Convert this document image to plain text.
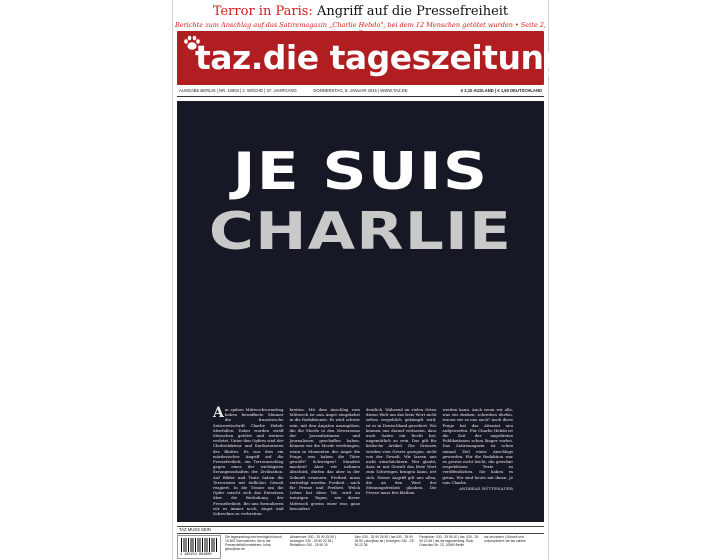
Terror in Paris: Angriff auf die Pressefreiheit
Berichte zum Anschlag auf das Satiremagazin „Charlie Hebdo", bei dem 12 Menschen getötet wurden • Seite 2,
taz.die tageszeitung
AUSGABE BERLIN | NR. 10604 | 2. WOCHE | 37. JAHRGANG	DONNERSTAG, 8. JANUAR 2015 | WWW.TAZ.DE	€ 2,10 AUSLAND | € 1,60 DEUTSCHLAND
JE SUIS
CHARLIE
Am späten Mittwochvormittag haben bewaffnete Männer die französische Satirezeitschrift Charlie Hebdo überfallen. Dabei wurden zwölf Menschen getötet und weitere verletzt. Unter den Opfern sind der Chefredakteur und Karikaturisten des Blattes. Es war dies ein mörderischer Angriff auf die Pressefreiheit, ein Terroranschlag gegen eines der wichtigsten Errungenschaften der Zivilisation. Auf Bilder und Texte haben die Terroristen mit tödlicher Gewalt reagiert. In die Trauer um die Opfer mischt sich das Entsetzen über die Bedrohung der Pressefreiheit. Bei uns formulieren wir es immer noch, Angst und Schrecken zu verbreiten.
breiten. Mit dem Anschlag vom Mittwoch ist nun Angst eingekehrt in die Redaktionen. Es wird schwer sein, mit den Ängsten umzugehen, die die Morde in den Newsrooms der Journalistinnen und Journalisten geschaffen haben. Können wir die Morde verdrängen, wenn in Momenten der Angst die Frage, was haben die Täter gewollt? Schweigen? Mundtot machen? Aber wir nehmen Abschied, dürfen das aber in der Zukunft erneuern. Freiheit muss verteidigt werden. Freiheit – auch für Presse und Freiheit. Welch Leben hat diese Tat, wird an traurigen Tagen, wie dieser Mittwoch gewiss einer war, ganz besonders
deutlich. Während an vielen Orten dieser Welt um das freie Wort nicht selten vergeblich gekämpft wird, ist es in Deutschland gesichert. Wir können uns darauf verlassen, dass auch Satire ein Recht hat, ungemütlich zu sein. Das gilt für kritische Artikel. Die Grenzen werden vom Gesetz gezogen, nicht von der Gewalt. Wir lassen uns nicht einschüchtern. Wer glaubt, dass er mit Gewalt das freie Wort zum Schweigen bringen kann, irrt sich. Dieser Angriff gilt uns allen, die an den Wert der Meinungsfreiheit glauben. Die Presse muss frei bleiben.
werden kann. Auch wenn wir alle, was wir denken, schreiben dürfen, trauen wir es uns auch? Auch diese Frage hat das Attentat neu aufgeworfen. Für Charlie Hebdo ist die Zeit der angstfreien Publikationen schon länger vorbei. Das Satiremagazin ist schon einmal Ziel eines Anschlags geworden. Für die Redaktion war es gewiss nicht leicht, die gewohnt respektlosen Texte zu veröffentlichen. Sie haben es getan. Wir sind heute mit ihnen. Je suis Charlie.
ANDREAS RÜTTENAUER
TAZ MUSS SEIN
4 190254 801600
Die tageszeitung wird ermöglicht durch 15.500 Genossinnen, die in die Pressevielfalt investieren. Infos: geno@taz.de
Aboservice: 030 - 25 90 25 90 | Anzeigen: 030 - 25 90 22 38 | Redaktion: 030 - 25 90 20
Abo: 030 - 25 90 25 90 | fax 030 - 25 90 26 80 | abo@taz.de | Anzeigen: 030 - 25 90 22 38
Redaktion: 030 - 25 90 20 | fax: 030 - 25 90 22 66 | taz.die tageszeitung, Rudi-Dutschke-Str. 23, 10969 Berlin
taz.de/zahlen | Schnell und unkompliziert: die taz zahlen
